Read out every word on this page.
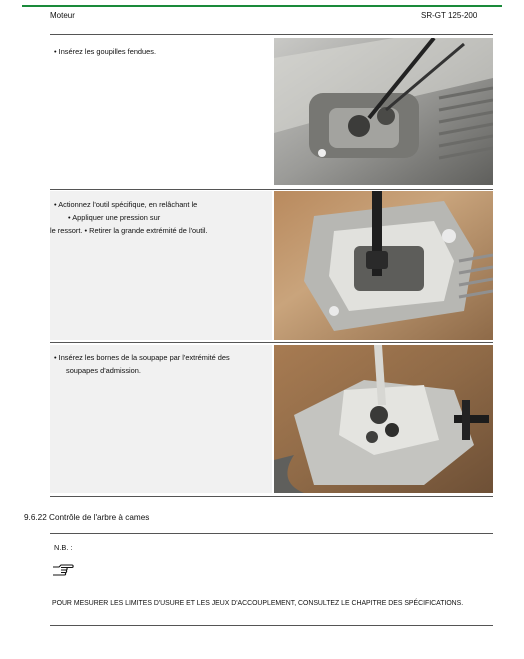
Moteur	SR-GT 125-200
• Insérez les goupilles fendues.
• Actionnez l'outil spécifique, en relâchant le
• Appliquer une pression sur
le ressort. • Retirer la grande extrémité de l'outil.
• Insérez les bornes de la soupape par l'extrémité des
soupapes d'admission.
9.6.22 Contrôle de l'arbre à cames
N.B. :
POUR MESURER LES LIMITES D'USURE ET LES JEUX D'ACCOUPLEMENT, CONSULTEZ LE CHAPITRE DES SPÉCIFICATIONS.
